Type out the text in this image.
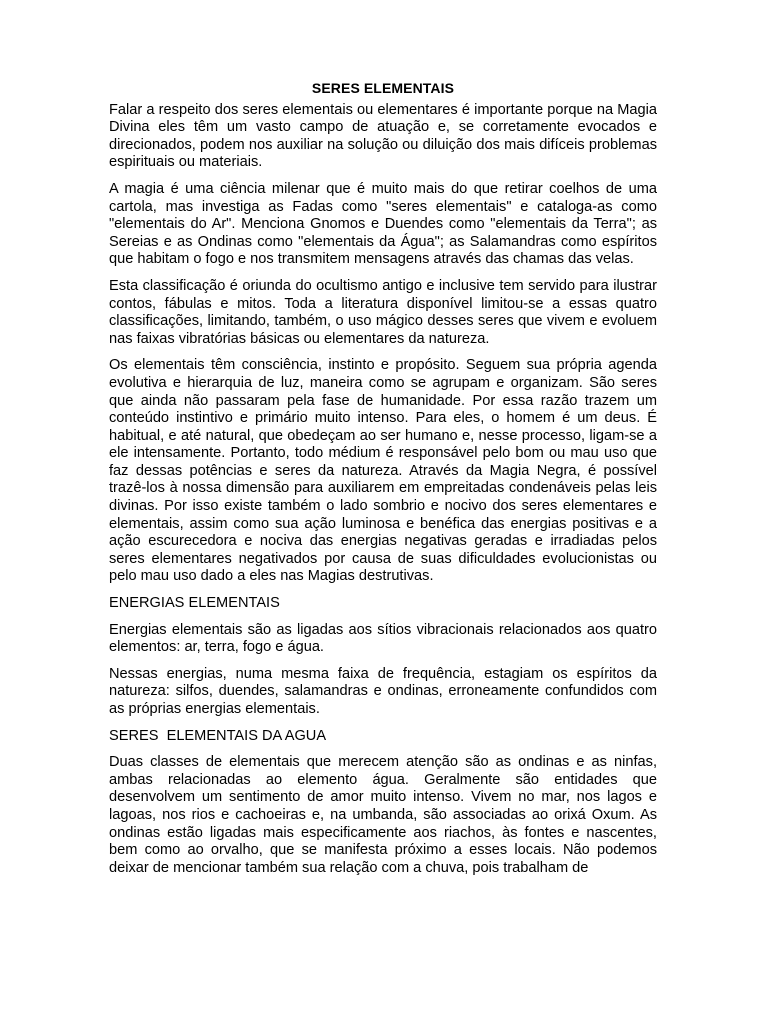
SERES ELEMENTAIS

Falar a respeito dos seres elementais ou elementares é importante porque na Magia Divina eles têm um vasto campo de atuação e, se corretamente evocados e direcionados, podem nos auxiliar na solução ou diluição dos mais difíceis problemas espirituais ou materiais.

A magia é uma ciência milenar que é muito mais do que retirar coelhos de uma cartola, mas investiga as Fadas como "seres elementais" e cataloga-as como "elementais do Ar". Menciona Gnomos e Duendes como "elementais da Terra"; as Sereias e as Ondinas como "elementais da Água"; as Salamandras como espíritos que habitam o fogo e nos transmitem mensagens através das chamas das velas.

Esta classificação é oriunda do ocultismo antigo e inclusive tem servido para ilustrar contos, fábulas e mitos. Toda a literatura disponível limitou-se a essas quatro classificações, limitando, também, o uso mágico desses seres que vivem e evoluem nas faixas vibratórias básicas ou elementares da natureza.

Os elementais têm consciência, instinto e propósito. Seguem sua própria agenda evolutiva e hierarquia de luz, maneira como se agrupam e organizam. São seres que ainda não passaram pela fase de humanidade. Por essa razão trazem um conteúdo instintivo e primário muito intenso. Para eles, o homem é um deus. É habitual, e até natural, que obedeçam ao ser humano e, nesse processo, ligam-se a ele intensamente. Portanto, todo médium é responsável pelo bom ou mau uso que faz dessas potências e seres da natureza. Através da Magia Negra, é possível trazê-los à nossa dimensão para auxiliarem em empreitadas condenáveis pelas leis divinas. Por isso existe também o lado sombrio e nocivo dos seres elementares e elementais, assim como sua ação luminosa e benéfica das energias positivas e a ação escurecedora e nociva das energias negativas geradas e irradiadas pelos seres elementares negativados por causa de suas dificuldades evolucionistas ou pelo mau uso dado a eles nas Magias destrutivas.

ENERGIAS ELEMENTAIS

Energias elementais são as ligadas aos sítios vibracionais relacionados aos quatro elementos: ar, terra, fogo e água.

Nessas energias, numa mesma faixa de frequência, estagiam os espíritos da natureza: silfos, duendes, salamandras e ondinas, erroneamente confundidos com as próprias energias elementais.

SERES  ELEMENTAIS DA AGUA

Duas classes de elementais que merecem atenção são as ondinas e as ninfas, ambas relacionadas ao elemento água. Geralmente são entidades que desenvolvem um sentimento de amor muito intenso. Vivem no mar, nos lagos e lagoas, nos rios e cachoeiras e, na umbanda, são associadas ao orixá Oxum. As ondinas estão ligadas mais especificamente aos riachos, às fontes e nascentes, bem como ao orvalho, que se manifesta próximo a esses locais. Não podemos deixar de mencionar também sua relação com a chuva, pois trabalham de
